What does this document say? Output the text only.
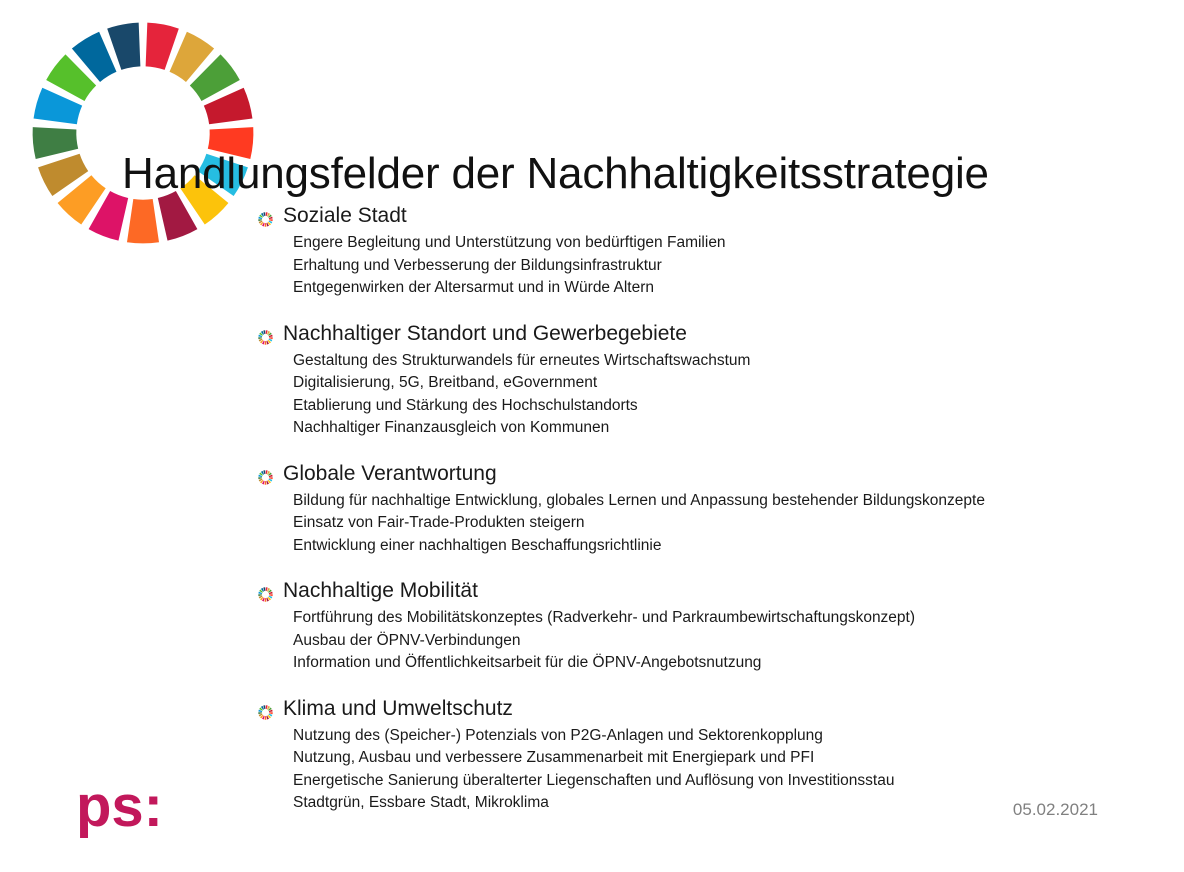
Handlungsfelder der Nachhaltigkeitsstrategie
Soziale Stadt
Engere Begleitung und Unterstützung von bedürftigen Familien
Erhaltung und Verbesserung der Bildungsinfrastruktur
Entgegenwirken der Altersarmut und in Würde Altern
Nachhaltiger Standort und Gewerbegebiete
Gestaltung des Strukturwandels für erneutes Wirtschaftswachstum
Digitalisierung, 5G, Breitband, eGovernment
Etablierung und Stärkung des Hochschulstandorts
Nachhaltiger Finanzausgleich von Kommunen
Globale Verantwortung
Bildung für nachhaltige Entwicklung, globales Lernen und Anpassung bestehender Bildungskonzepte
Einsatz von Fair-Trade-Produkten steigern
Entwicklung einer nachhaltigen Beschaffungsrichtlinie
Nachhaltige Mobilität
Fortführung des Mobilitätskonzeptes (Radverkehr- und Parkraumbewirtschaftungskonzept)
Ausbau der ÖPNV-Verbindungen
Information und Öffentlichkeitsarbeit für die ÖPNV-Angebotsnutzung
Klima und Umweltschutz
Nutzung des (Speicher-) Potenzials von P2G-Anlagen und Sektorenkopplung
Nutzung, Ausbau und verbessere Zusammenarbeit mit Energiepark und PFI
Energetische Sanierung überalterter Liegenschaften und Auflösung von Investitionsstau
Stadtgrün, Essbare Stadt, Mikroklima
ps:	05.02.2021
